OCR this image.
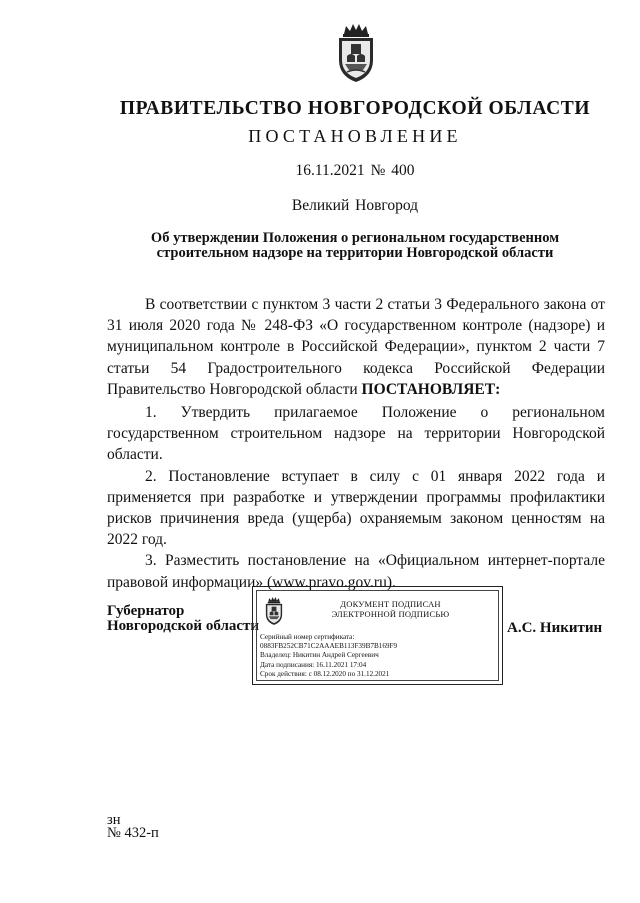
ПРАВИТЕЛЬСТВО НОВГОРОДСКОЙ ОБЛАСТИ
ПОСТАНОВЛЕНИЕ
16.11.2021 № 400
Великий Новгород
Об утверждении Положения о региональном государственном
строительном надзоре на территории Новгородской области

В соответствии с пунктом 3 части 2 статьи 3 Федерального закона от 31 июля 2020 года № 248-ФЗ «О государственном контроле (надзоре) и муниципальном контроле в Российской Федерации», пунктом 2 части 7 статьи 54 Градостроительного кодекса Российской Федерации Правительство Новгородской области ПОСТАНОВЛЯЕТ:

1. Утвердить прилагаемое Положение о региональном государственном строительном надзоре на территории Новгородской области.

2. Постановление вступает в силу с 01 января 2022 года и применяется при разработке и утверждении программы профилактики рисков причинения вреда (ущерба) охраняемым законом ценностям на 2022 год.

3. Разместить постановление на «Официальном интернет-портале правовой информации» (www.pravo.gov.ru).

Губернатор
Новгородской области
ДОКУМЕНТ ПОДПИСАН
ЭЛЕКТРОННОЙ ПОДПИСЬЮ
Серийный номер сертификата:
0883FB252CB71C2AAAEB113F39B7B169F9
Владелец: Никитин Андрей Сергеевич
Дата подписания: 16.11.2021 17:04
Срок действия: с 08.12.2020 по 31.12.2021
А.С. Никитин
зн
№ 432-п
